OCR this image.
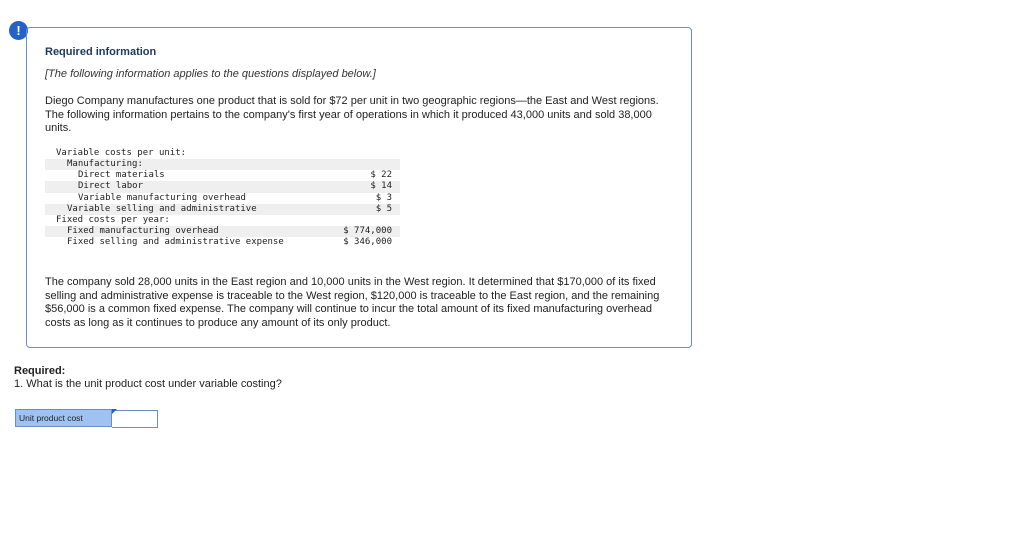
!
Required information
[The following information applies to the questions displayed below.]

Diego Company manufactures one product that is sold for $72 per unit in two geographic regions—the East and West regions. The following information pertains to the company's first year of operations in which it produced 43,000 units and sold 38,000 units.

Variable costs per unit:
Manufacturing:
Direct materials	$ 22
Direct labor	$ 14
Variable manufacturing overhead	$ 3
Variable selling and administrative	$ 5
Fixed costs per year:
Fixed manufacturing overhead	$ 774,000
Fixed selling and administrative expense	$ 346,000

The company sold 28,000 units in the East region and 10,000 units in the West region. It determined that $170,000 of its fixed selling and administrative expense is traceable to the West region, $120,000 is traceable to the East region, and the remaining $56,000 is a common fixed expense. The company will continue to incur the total amount of its fixed manufacturing overhead costs as long as it continues to produce any amount of its only product.

Required:
1. What is the unit product cost under variable costing?
Unit product cost
